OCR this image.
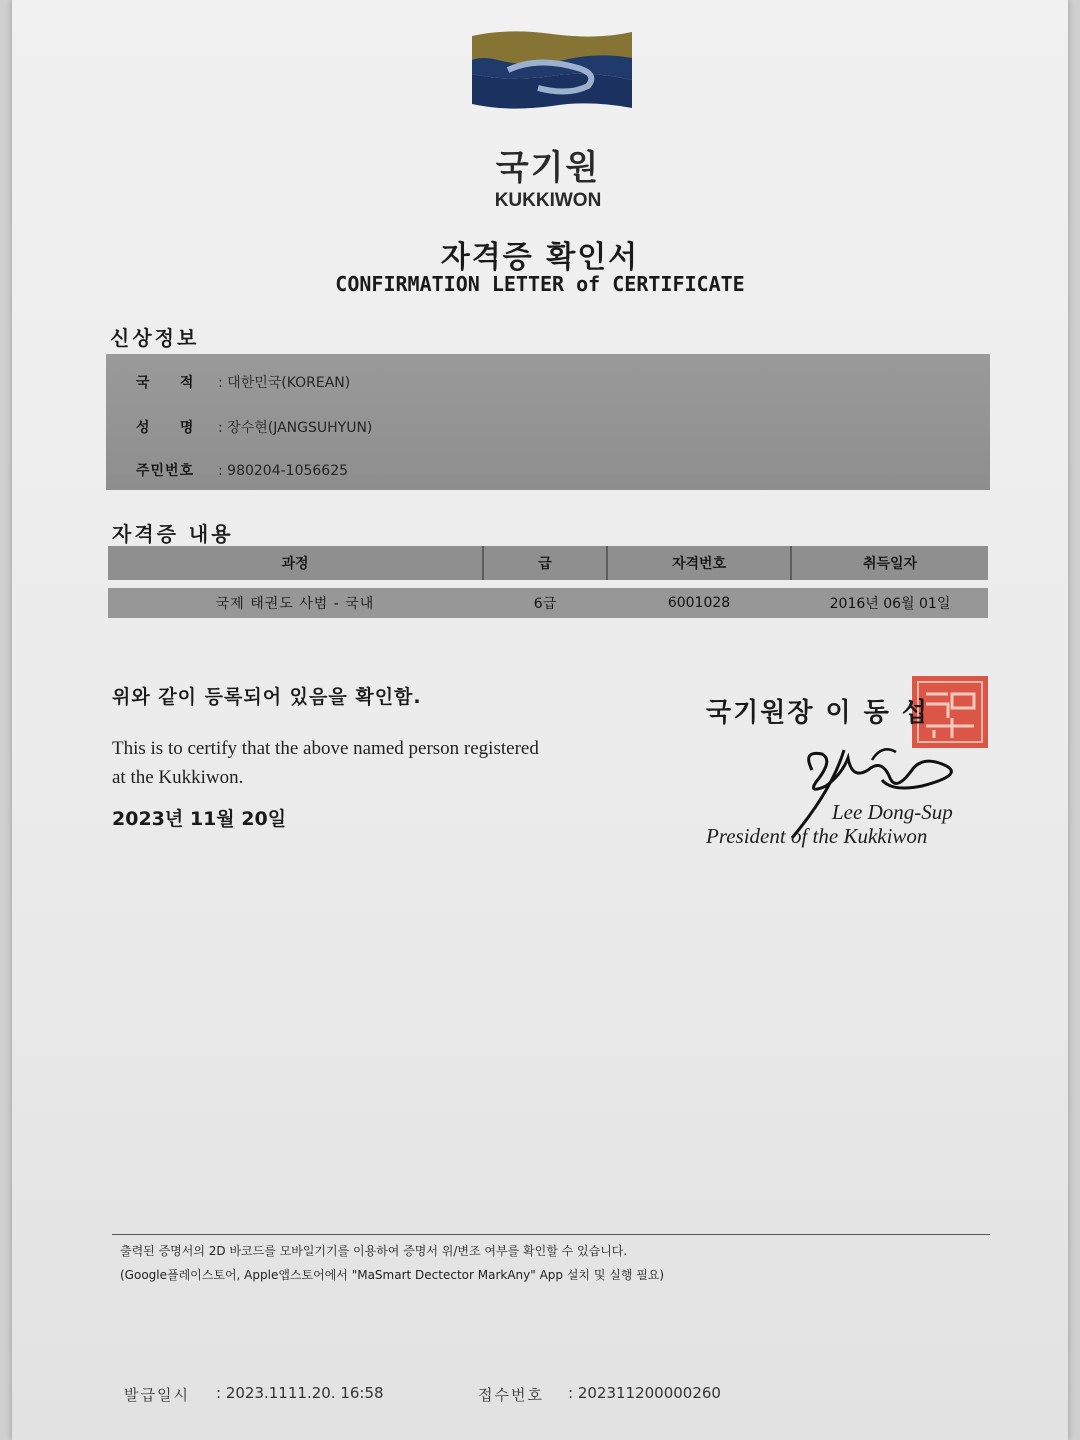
국기원
KUKKIWON
자격증 확인서
CONFIRMATION LETTER of CERTIFICATE
신상정보
국     적 : 대한민국(KOREAN)
성     명 : 장수현(JANGSUHYUN)
주민번호 : 980204-1056625
자격증 내용
과정	급	자격번호	취득일자
국제 태권도 사범 - 국내	6급	6001028	2016년 06월 01일
위와 같이 등록되어 있음을 확인함.
This is to certify that the above named person registered at the Kukkiwon.
2023년 11월 20일
국기원장 이 동 섭
Lee Dong-Sup
President of the Kukkiwon
출력된 증명서의 2D 바코드를 모바일기기를 이용하여 증명서 위/변조 여부를 확인할 수 있습니다.
(Google플레이스토어, Apple앱스토어에서 "MaSmart Dectector MarkAny" App 설치 및 실행 필요)
발급일시 : 2023.1111.20. 16:58	접수번호 : 202311200000260
